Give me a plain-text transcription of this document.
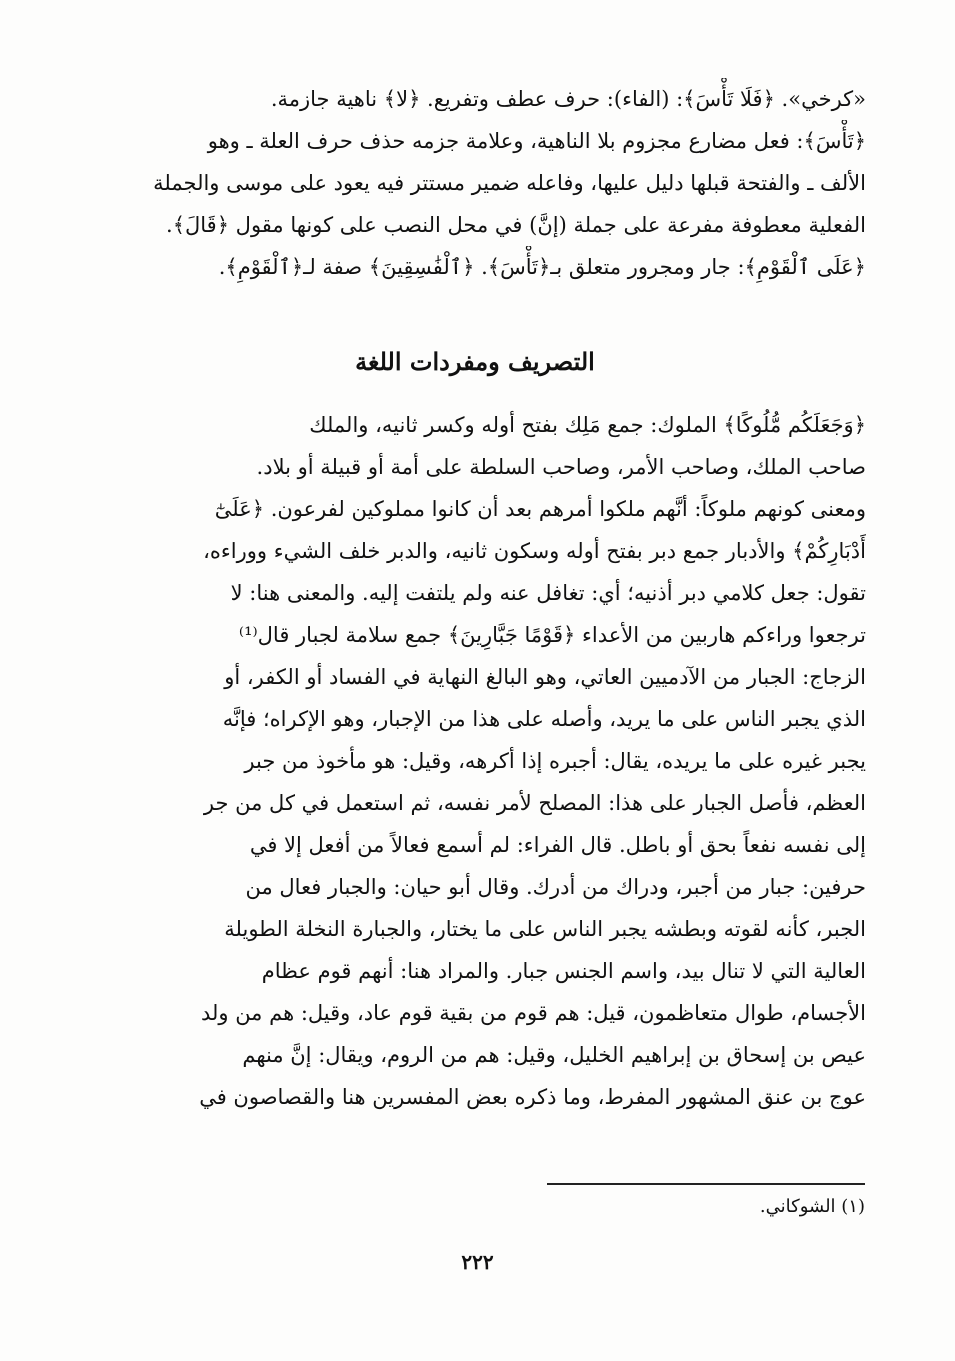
«كرخي». ﴿فَلَا تَأْسَ﴾: (الفاء): حرف عطف وتفريع. ﴿لا﴾ ناهية جازمة.
﴿تَأْسَ﴾: فعل مضارع مجزوم بلا الناهية، وعلامة جزمه حذف حرف العلة ـ وهو
الألف ـ والفتحة قبلها دليل عليها، وفاعله ضمير مستتر فيه يعود على موسى والجملة
الفعلية معطوفة مفرعة على جملة (إنَّ) في محل النصب على كونها مقول ﴿قَالَ﴾.
﴿عَلَى ٱلْقَوْمِ﴾: جار ومجرور متعلق بـ﴿تَأْسَ﴾. ﴿ٱلْفَٰسِقِينَ﴾ صفة لـ﴿ٱلْقَوْمِ﴾.
التصريف ومفردات اللغة
﴿وَجَعَلَكُم مُّلُوكًا﴾ الملوك: جمع مَلِك بفتح أوله وكسر ثانيه، والملك
صاحب الملك، وصاحب الأمر، وصاحب السلطة على أمة أو قبيلة أو بلاد.
ومعنى كونهم ملوكاً: أنَّهم ملكوا أمرهم بعد أن كانوا مملوكين لفرعون. ﴿عَلَىٰٓ
أَدْبَارِكُمْ﴾ والأدبار جمع دبر بفتح أوله وسكون ثانيه، والدبر خلف الشيء ووراءه،
تقول: جعل كلامي دبر أذنيه؛ أي: تغافل عنه ولم يلتفت إليه. والمعنى هنا: لا
ترجعوا وراءكم هاربين من الأعداء ﴿قَوْمًا جَبَّارِينَ﴾ جمع سلامة لجبار قال⁽¹⁾
الزجاج: الجبار من الآدميين العاتي، وهو البالغ النهاية في الفساد أو الكفر، أو
الذي يجبر الناس على ما يريد، وأصله على هذا من الإجبار، وهو الإكراه؛ فإنَّه
يجبر غيره على ما يريده، يقال: أجبره إذا أكرهه، وقيل: هو مأخوذ من جبر
العظم، فأصل الجبار على هذا: المصلح لأمر نفسه، ثم استعمل في كل من جر
إلى نفسه نفعاً بحق أو باطل. قال الفراء: لم أسمع فعالاً من أفعل إلا في
حرفين: جبار من أجبر، ودراك من أدرك. وقال أبو حيان: والجبار فعال من
الجبر، كأنه لقوته وبطشه يجبر الناس على ما يختار، والجبارة النخلة الطويلة
العالية التي لا تنال بيد، واسم الجنس جبار. والمراد هنا: أنهم قوم عظام
الأجسام، طوال متعاظمون، قيل: هم قوم من بقية قوم عاد، وقيل: هم من ولد
عيص بن إسحاق بن إبراهيم الخليل، وقيل: هم من الروم، ويقال: إنَّ منهم
عوج بن عنق المشهور المفرط، وما ذكره بعض المفسرين هنا والقصاصون في
(١) الشوكاني.
٢٢٢
